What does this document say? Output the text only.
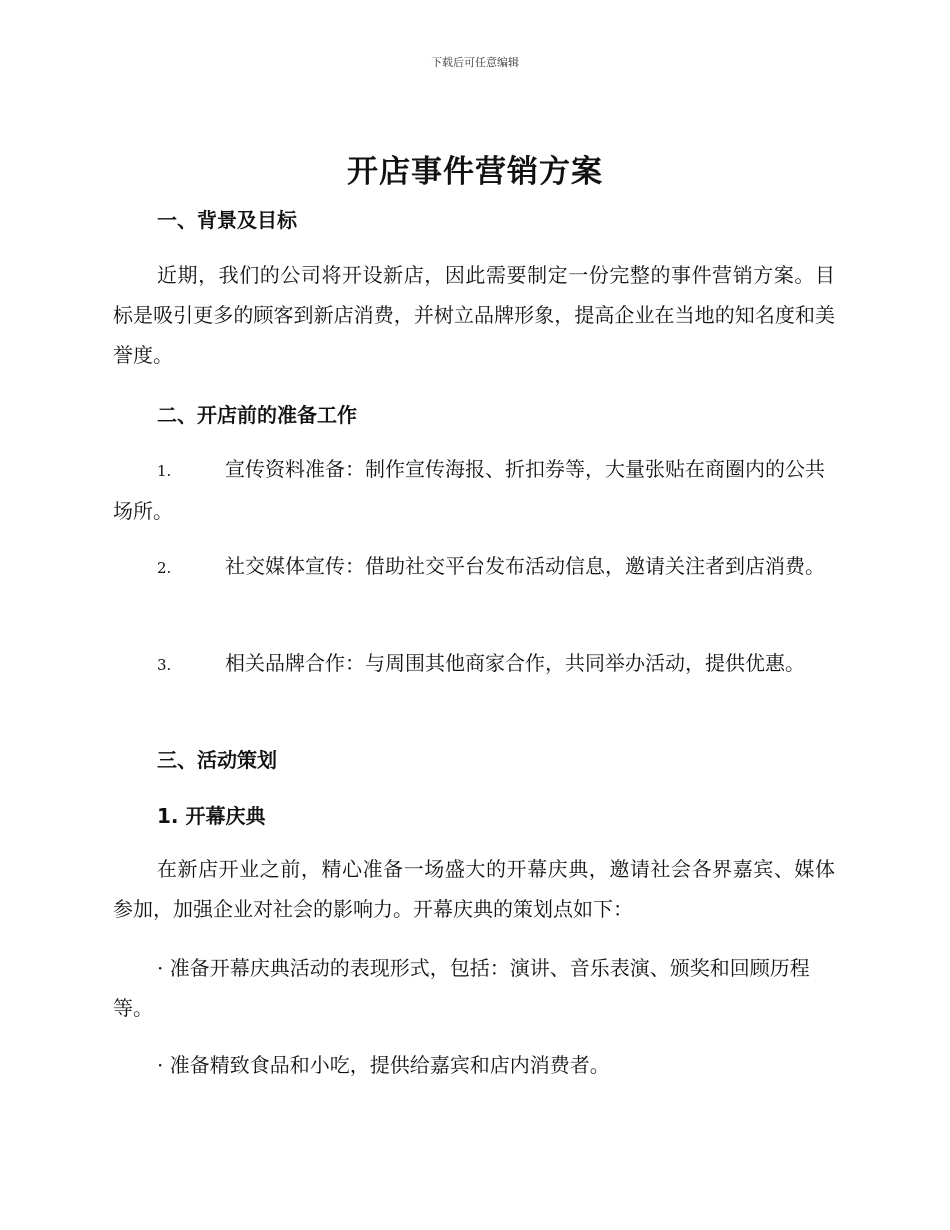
下载后可任意编辑
开店事件营销方案
一、背景及目标
近期，我们的公司将开设新店，因此需要制定一份完整的事件营销方案。目标是吸引更多的顾客到新店消费，并树立品牌形象，提高企业在当地的知名度和美誉度。
二、开店前的准备工作
1.	宣传资料准备：制作宣传海报、折扣券等，大量张贴在商圈内的公共场所。
2.	社交媒体宣传：借助社交平台发布活动信息，邀请关注者到店消费。
3.	相关品牌合作：与周围其他商家合作，共同举办活动，提供优惠。
三、活动策划
1. 开幕庆典
在新店开业之前，精心准备一场盛大的开幕庆典，邀请社会各界嘉宾、媒体参加，加强企业对社会的影响力。开幕庆典的策划点如下：
· 准备开幕庆典活动的表现形式，包括：演讲、音乐表演、颁奖和回顾历程等。
· 准备精致食品和小吃，提供给嘉宾和店内消费者。
